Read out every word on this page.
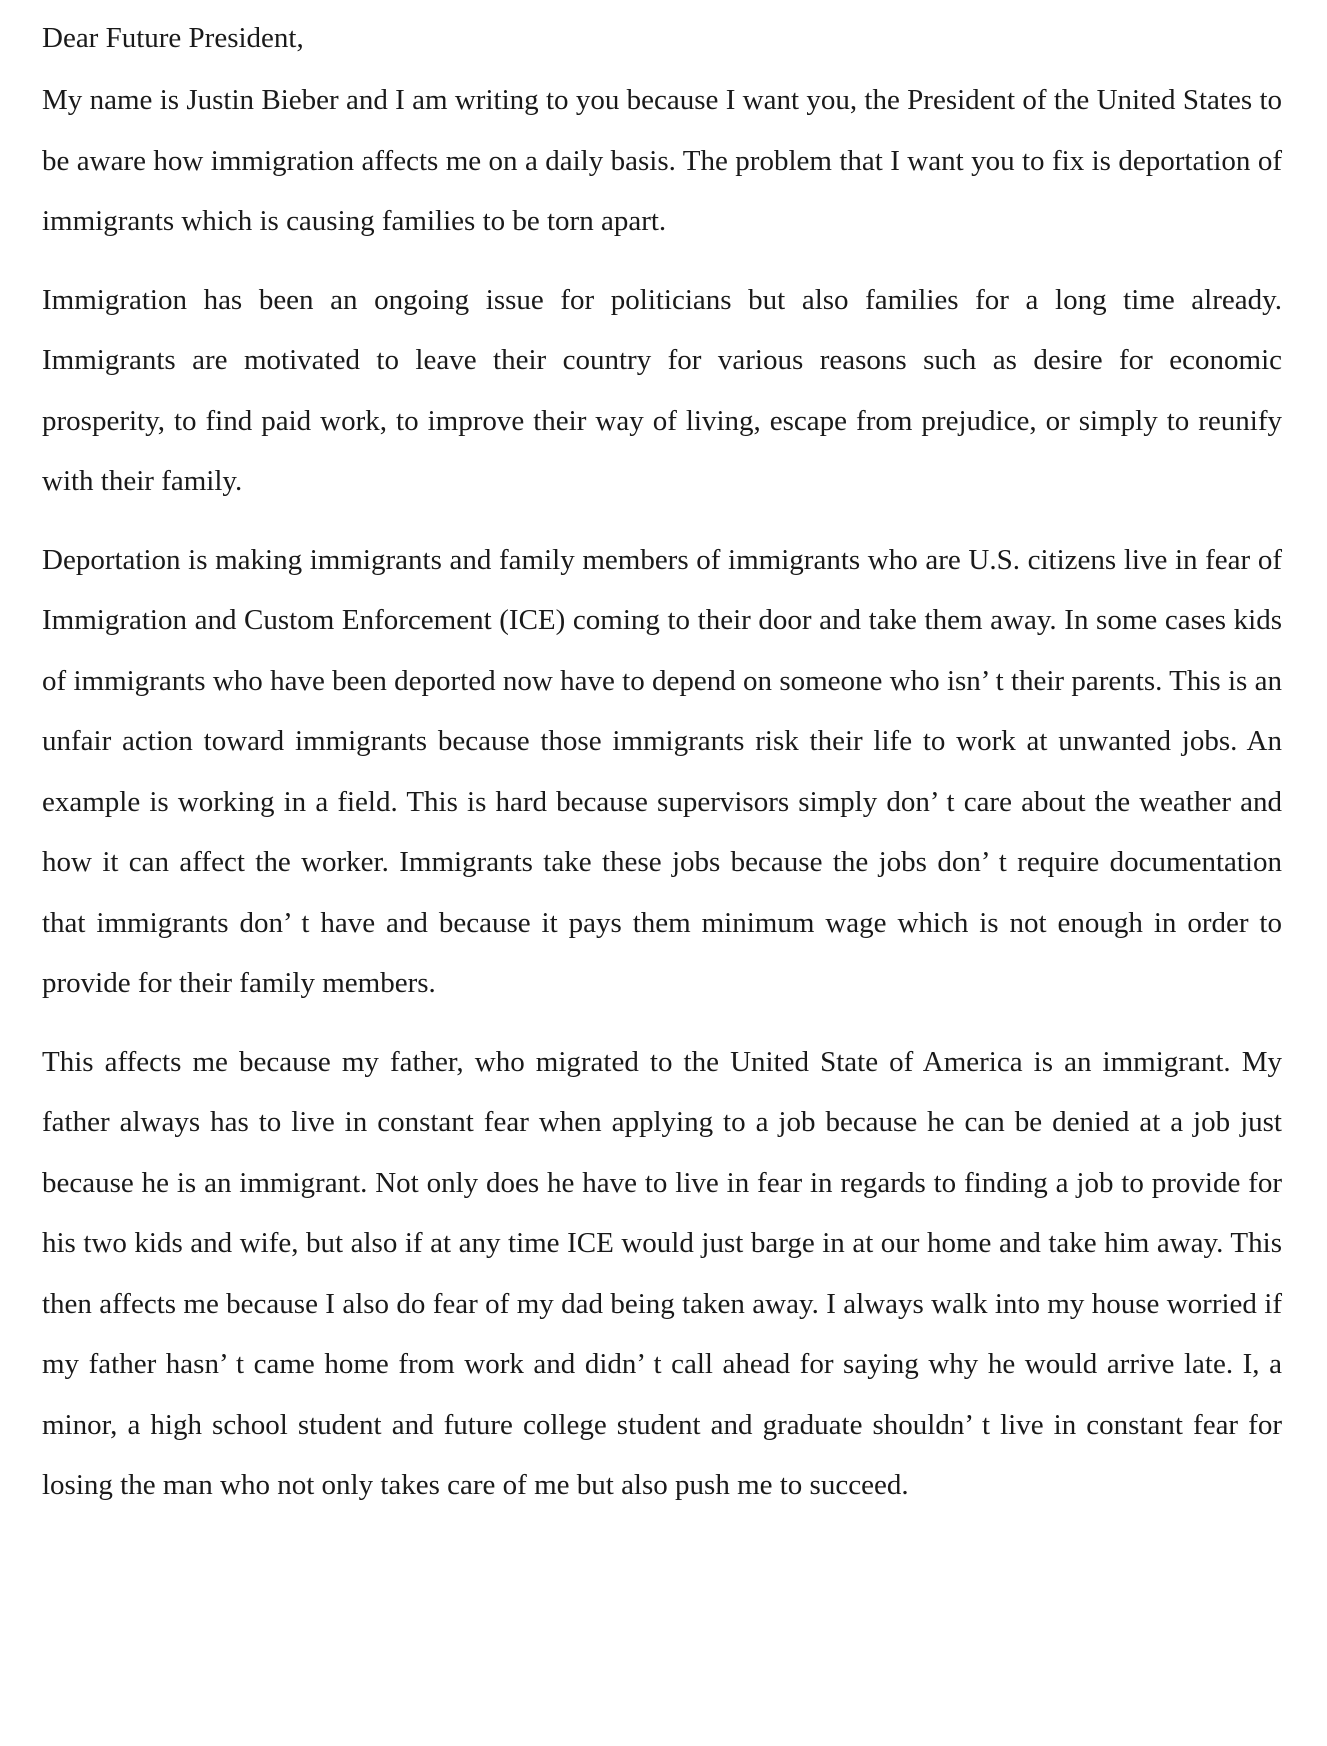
Dear Future President,

My name is Justin Bieber and I am writing to you because I want you, the President of the United States to be aware how immigration affects me on a daily basis. The problem that I want you to fix is deportation of immigrants which is causing families to be torn apart.

Immigration has been an ongoing issue for politicians but also families for a long time already. Immigrants are motivated to leave their country for various reasons such as desire for economic prosperity, to find paid work, to improve their way of living, escape from prejudice, or simply to reunify with their family.

Deportation is making immigrants and family members of immigrants who are U.S. citizens live in fear of Immigration and Custom Enforcement (ICE) coming to their door and take them away. In some cases kids of immigrants who have been deported now have to depend on someone who isn’ t their parents. This is an unfair action toward immigrants because those immigrants risk their life to work at unwanted jobs. An example is working in a field. This is hard because supervisors simply don’ t care about the weather and how it can affect the worker. Immigrants take these jobs because the jobs don’ t require documentation that immigrants don’ t have and because it pays them minimum wage which is not enough in order to provide for their family members.

This affects me because my father, who migrated to the United State of America is an immigrant. My father always has to live in constant fear when applying to a job because he can be denied at a job just because he is an immigrant. Not only does he have to live in fear in regards to finding a job to provide for his two kids and wife, but also if at any time ICE would just barge in at our home and take him away. This then affects me because I also do fear of my dad being taken away. I always walk into my house worried if my father hasn’ t came home from work and didn’ t call ahead for saying why he would arrive late. I, a minor, a high school student and future college student and graduate shouldn’ t live in constant fear for losing the man who not only takes care of me but also push me to succeed.
